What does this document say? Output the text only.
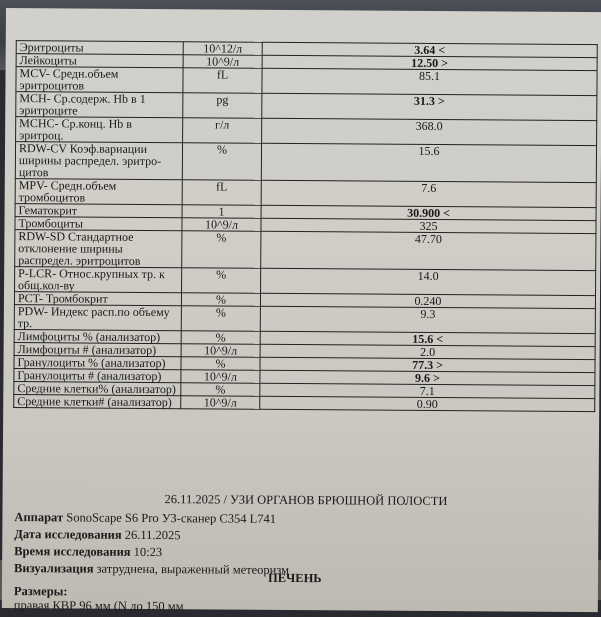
Эритроциты	10^12/л	3.64 <
Лейкоциты	10^9/л	12.50 >
MCV- Средн.объем эритроцитов	fL	85.1
MCH- Ср.содерж. Hb в 1 эритроците	pg	31.3 >
MCHC- Ср.конц. Hb в эритроц.	г/л	368.0
RDW-CV Коэф.вариации ширины распредел. эритро- цитов	%	15.6
MPV- Средн.объем тромбоцитов	fL	7.6
Гематокрит	1	30.900 <
Тромбоциты	10^9/л	325
RDW-SD Стандартное отклонение ширины распредел. эритроцитов	%	47.70
P-LCR- Относ.крупных тр. к общ.кол-ву	%	14.0
PCT- Тромбокрит	%	0.240
PDW- Индекс расп.по объему тр.	%	9.3
Лимфоциты % (анализатор)	%	15.6 <
Лимфоциты # (анализатор)	10^9/л	2.0
Гранулоциты % (анализатор)	%	77.3 >
Гранулоциты # (анализатор)	10^9/л	9.6 >
Средние клетки% (анализатор)	%	7.1
Средние клетки# (анализатор)	10^9/л	0.90
26.11.2025 / УЗИ ОРГАНОВ БРЮШНОЙ ПОЛОСТИ
Аппарат SonoScape S6 Pro УЗ-сканер C354 L741
Дата исследования 26.11.2025
Время исследования 10:23
Визуализация затруднена, выраженный метеоризм
ПЕЧЕНЬ
Размеры:
правая КВР 96 мм (N до 150 мм
